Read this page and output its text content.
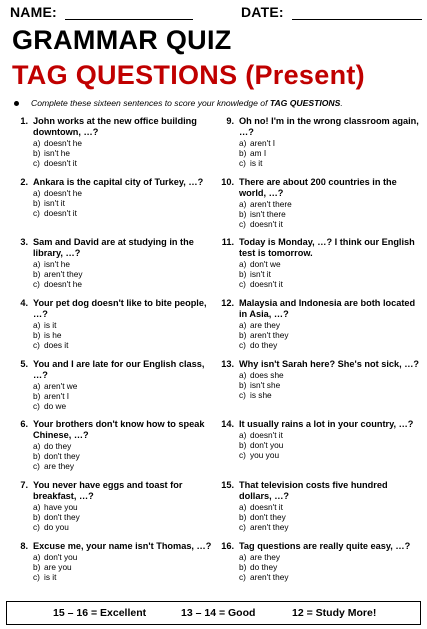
NAME:	DATE:
GRAMMAR QUIZ
TAG QUESTIONS (Present)
Complete these sixteen sentences to score your knowledge of TAG QUESTIONS.
1. John works at the new office building downtown, …?
a) doesn't he
b) isn't he
c) doesn't it
2. Ankara is the capital city of Turkey, …?
a) doesn't he
b) isn't it
c) doesn't it
3. Sam and David are at studying in the library, …?
a) isn't he
b) aren't they
c) doesn't he
4. Your pet dog doesn't like to bite people, …?
a) is it
b) is he
c) does it
5. You and I are late for our English class, …?
a) aren't we
b) aren't I
c) do we
6. Your brothers don't know how to speak Chinese, …?
a) do they
b) don't they
c) are they
7. You never have eggs and toast for breakfast, …?
a) have you
b) don't they
c) do you
8. Excuse me, your name isn't Thomas, …?
a) don't you
b) are you
c) is it
9. Oh no! I'm in the wrong classroom again, …?
a) aren't I
b) am I
c) is it
10. There are about 200 countries in the world, …?
a) aren't there
b) isn't there
c) doesn't it
11. Today is Monday, …? I think our English test is tomorrow.
a) don't we
b) isn't it
c) doesn't it
12. Malaysia and Indonesia are both located in Asia, …?
a) are they
b) aren't they
c) do they
13. Why isn't Sarah here? She's not sick, …?
a) does she
b) isn't she
c) is she
14. It usually rains a lot in your country, …?
a) doesn't it
b) don't you
c) you you
15. That television costs five hundred dollars, …?
a) doesn't it
b) don't they
c) aren't they
16. Tag questions are really quite easy, …?
a) are they
b) do they
c) aren't they
15 – 16 = Excellent	13 – 14 = Good	12 = Study More!
